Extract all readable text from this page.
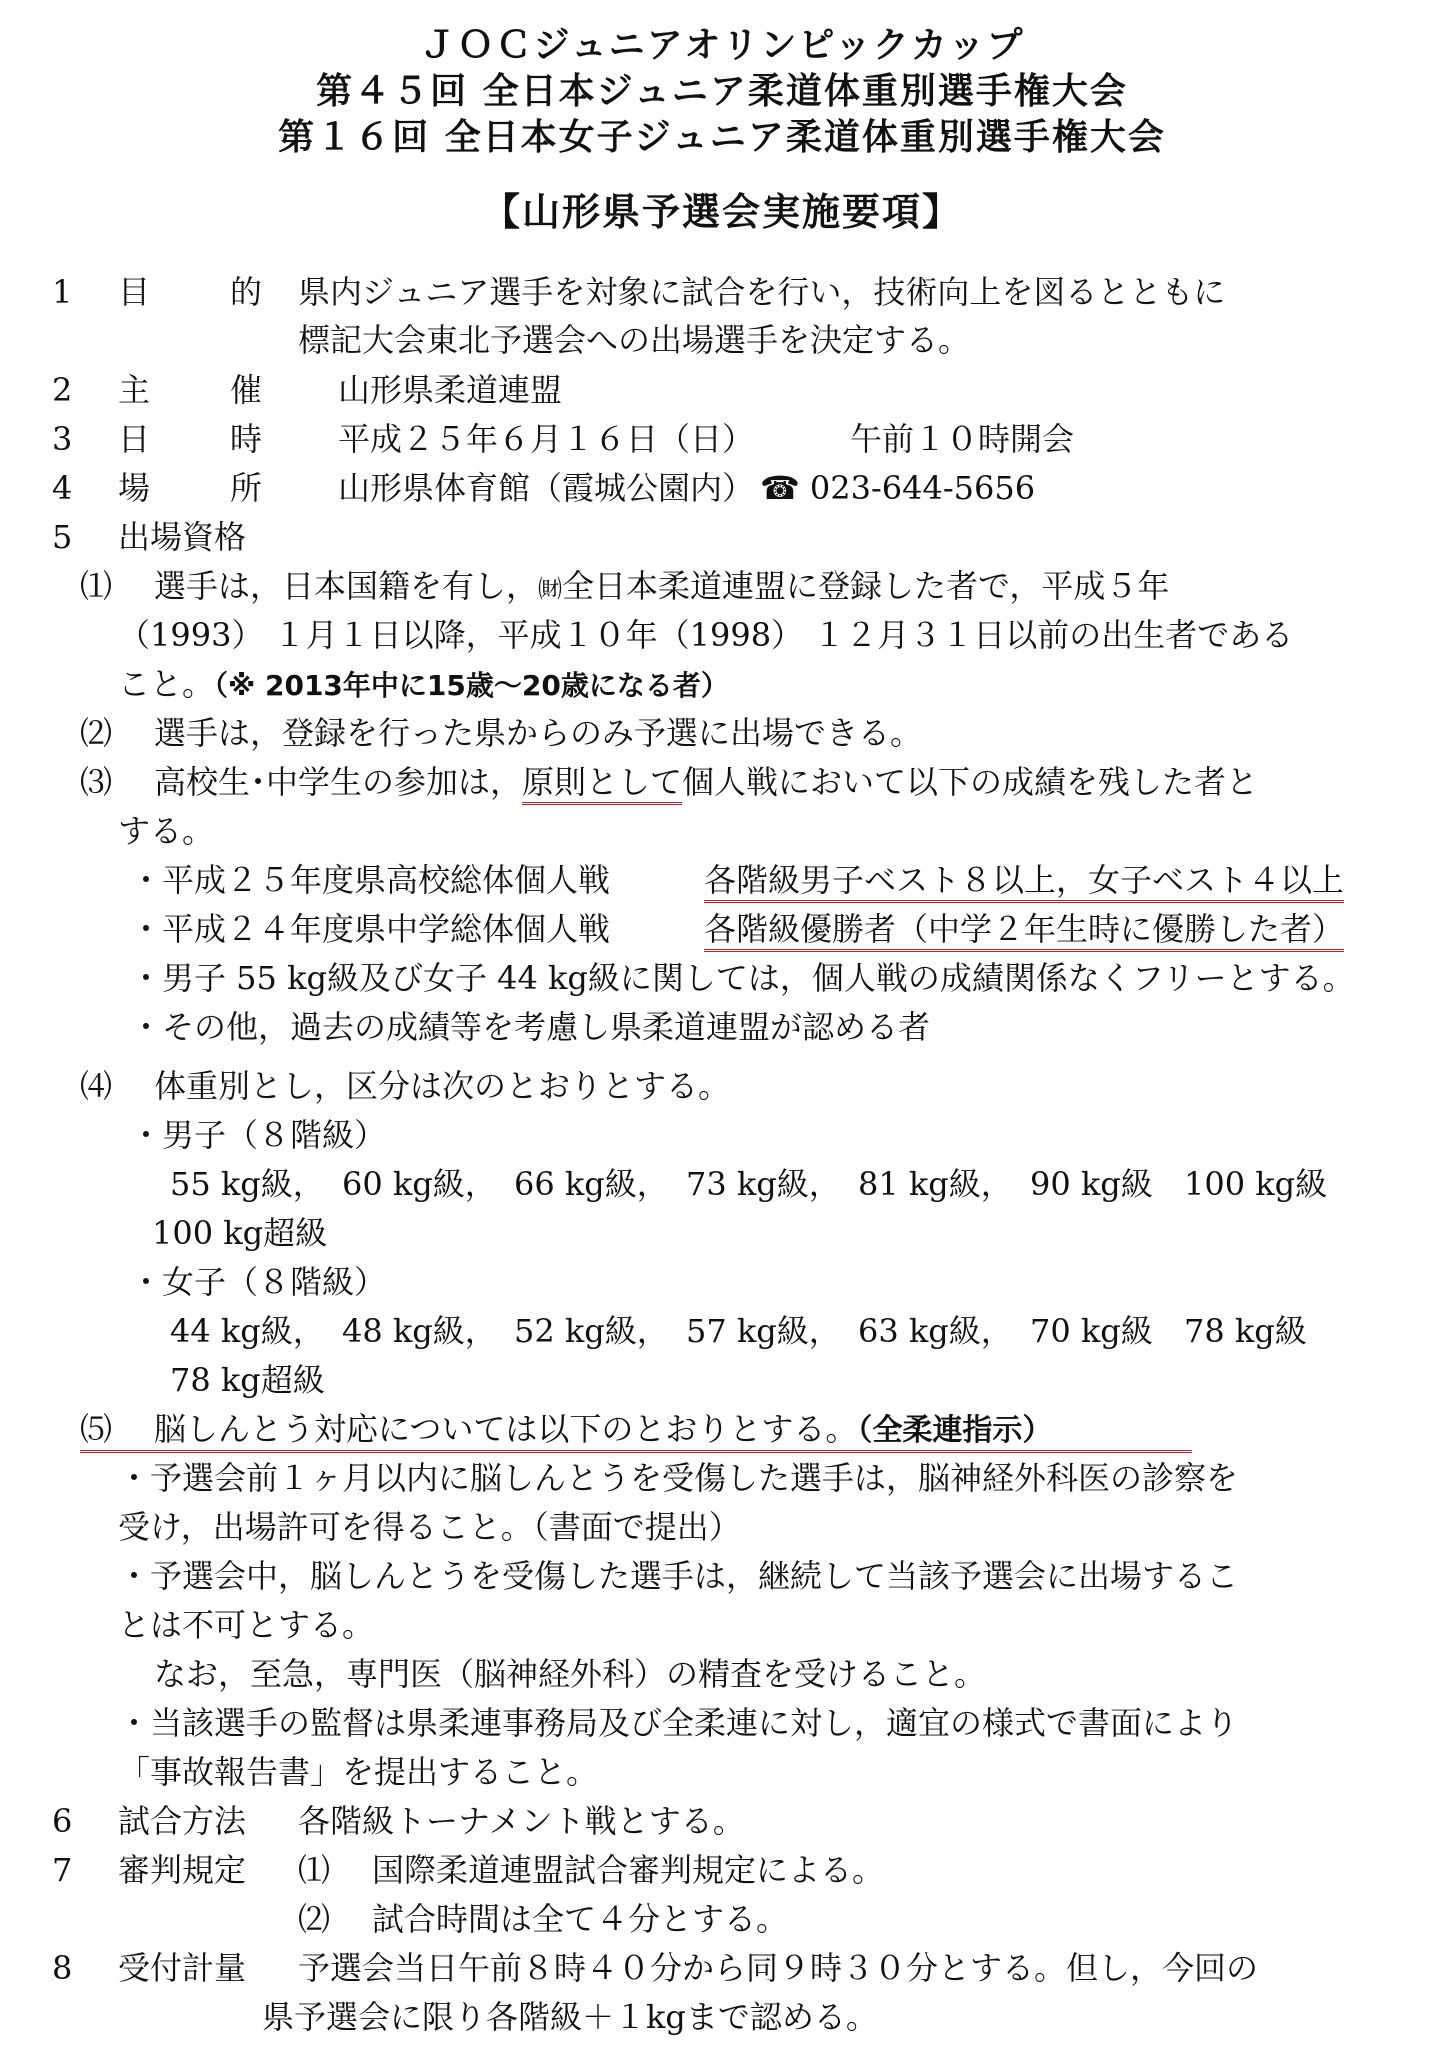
ＪＯＣジュニアオリンピックカップ
第４５回 全日本ジュニア柔道体重別選手権大会
第１６回 全日本女子ジュニア柔道体重別選手権大会
【山形県予選会実施要項】
1 目 的 県内ジュニア選手を対象に試合を行い，技術向上を図るとともに
標記大会東北予選会への出場選手を決定する。
2 主 催 山形県柔道連盟
3 日 時 平成２５年６月１６日（日）	午前１０時開会
4 場 所 山形県体育館（霞城公園内） ☎ 023-644-5656
5 出場資格
⑴ 選手は，日本国籍を有し，㈶全日本柔道連盟に登録した者で，平成５年
（1993） １月１日以降，平成１０年（1998） １２月３１日以前の出生者である
こと。（※ 2013年中に15歳～20歳になる者）
⑵ 選手は，登録を行った県からのみ予選に出場できる。
⑶ 高校生･中学生の参加は，原則として個人戦において以下の成績を残した者と
する。
・平成２５年度県高校総体個人戦	各階級男子ベスト８以上，女子ベスト４以上
・平成２４年度県中学総体個人戦	各階級優勝者（中学２年生時に優勝した者）
・男子 55 kg級及び女子 44 kg級に関しては，個人戦の成績関係なくフリーとする。
・その他，過去の成績等を考慮し県柔道連盟が認める者
⑷ 体重別とし，区分は次のとおりとする。
・男子（８階級）
55 kg級， 60 kg級， 66 kg級， 73 kg級， 81 kg級， 90 kg級 100 kg級
100 kg超級
・女子（８階級）
44 kg級， 48 kg級， 52 kg級， 57 kg級， 63 kg級， 70 kg級 78 kg級
78 kg超級
⑸ 脳しんとう対応については以下のとおりとする。（全柔連指示）
・予選会前１ヶ月以内に脳しんとうを受傷した選手は，脳神経外科医の診察を
受け，出場許可を得ること。（書面で提出）
・予選会中，脳しんとうを受傷した選手は，継続して当該予選会に出場するこ
とは不可とする。
なお，至急，専門医（脳神経外科）の精査を受けること。
・当該選手の監督は県柔連事務局及び全柔連に対し，適宜の様式で書面により
「事故報告書」を提出すること。
6 試合方法 各階級トーナメント戦とする。
7 審判規定 ⑴ 国際柔道連盟試合審判規定による。
⑵ 試合時間は全て４分とする。
8 受付計量 予選会当日午前８時４０分から同９時３０分とする。但し，今回の
県予選会に限り各階級＋１kgまで認める。
